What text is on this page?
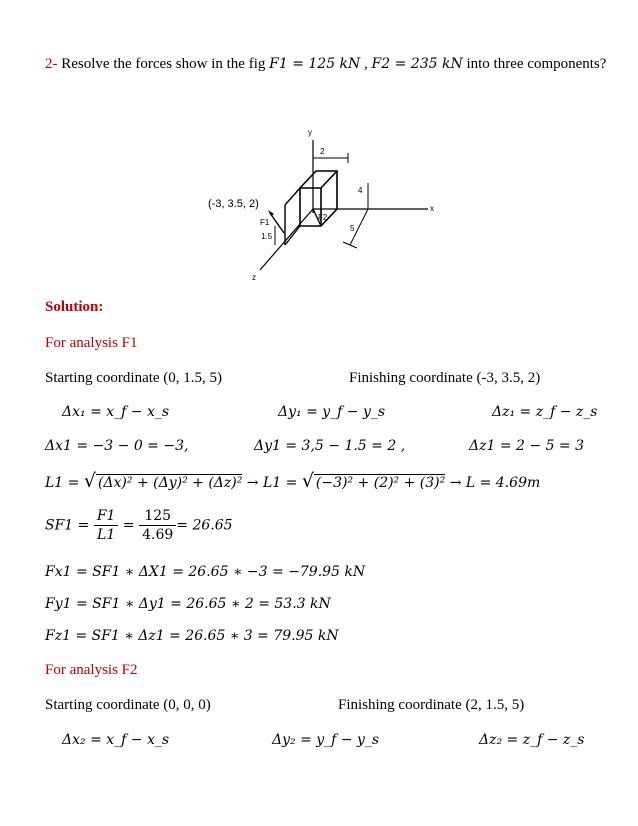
2- Resolve the forces show in the fig F1 = 125 kN , F2 = 235 kN into three components?
y
x
z
2
4
5
1.5
(-3, 3.5, 2)
F1
F2
Solution:
For analysis F1
Starting coordinate (0, 1.5, 5)	Finishing coordinate (-3, 3.5, 2)
Δx₁ = x_f − x_s	Δy₁ = y_f − y_s	Δz₁ = z_f − z_s
Δx1 = −3 − 0 = −3,	Δy1 = 3,5 − 1.5 = 2 ,	Δz1 = 2 − 5 = 3
L1 = √ (Δx)² + (Δy)² + (Δz)² → L1 = √ (−3)² + (2)² + (3)² → L = 4.69m
$SF1 = \frac{F1}{L1} = \frac{125}{4.69} = 26.65$
Fx1 = SF1 ∗ ΔX1 = 26.65 ∗ −3 = −79.95 kN
Fy1 = SF1 ∗ Δy1 = 26.65 ∗ 2 = 53.3 kN
Fz1 = SF1 ∗ Δz1 = 26.65 ∗ 3 = 79.95 kN
For analysis F2
Starting coordinate (0, 0, 0)	Finishing coordinate (2, 1.5, 5)
Δx₂ = x_f − x_s	Δy₂ = y_f − y_s	Δz₂ = z_f − z_s
